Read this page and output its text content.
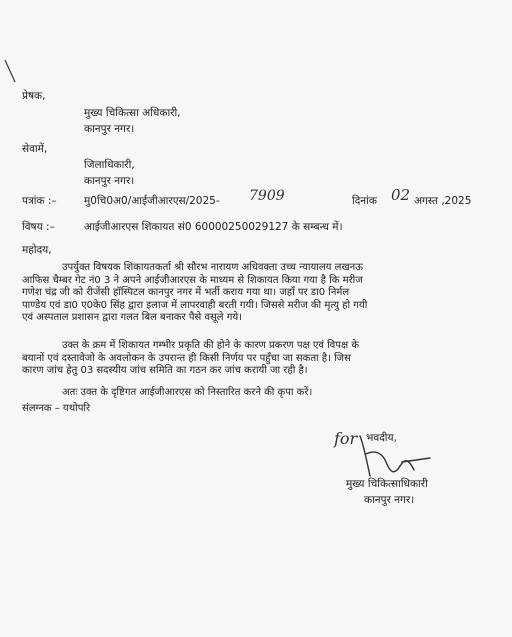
प्रेषक,
मुख्य चिकित्सा अधिकारी,
कानपुर नगर।
सेवामें,
जिलाधिकारी,
कानपुर नगर।
पत्रांक :–	मु0चि0अ0/आईजीआरएस/2025- 7909	दिनांक 02 अगस्त ,2025
विषय :–	आईजीआरएस शिकायत सं0 60000250029127 के सम्बन्ध में।
महोदय,
उपर्युक्त विषयक शिकायतकर्ता श्री सौरभ नारायण अधिवक्ता उच्च न्यायालय लखनऊ
आफिस चैम्बर गेट नं0 3 ने अपने आईजीआरएस के माध्यम से शिकायत किया गया है कि मरीज
गणेश चंद्र जी को रीजेंसी हॉस्पिटल कानपुर नगर में भर्ती कराय गया था। जहाँ पर डा0 निर्मल
पाण्डेय एवं डा0 ए0के0 सिंह द्वारा इलाज में लापरवाही बरती गयी। जिससे मरीज की मृत्यु हो गयी
एवं अस्पताल प्रशासन द्वारा गलत बिल बनाकर पैसे वसूले गये।
उक्त के क्रम में शिकायत गम्भीर प्रकृति की होने के कारण प्रकरण पक्ष एवं विपक्ष के
बयानों एवं दस्तावेजो के अवलोकन के उपरान्त ही किसी निर्णय पर पहुँचा जा सकता है। जिस
कारण जांच हेतु 03 सदस्यीय जांच समिति का गठन कर जांच करायी जा रही है।
अतः उक्त के दृष्टिगत आईजीआरएस को निस्तारित करने की कृपा करें।
संलग्नक – यथोपरि
for भवदीय,
मुख्य चिकित्साधिकारी
कानपुर नगर।
